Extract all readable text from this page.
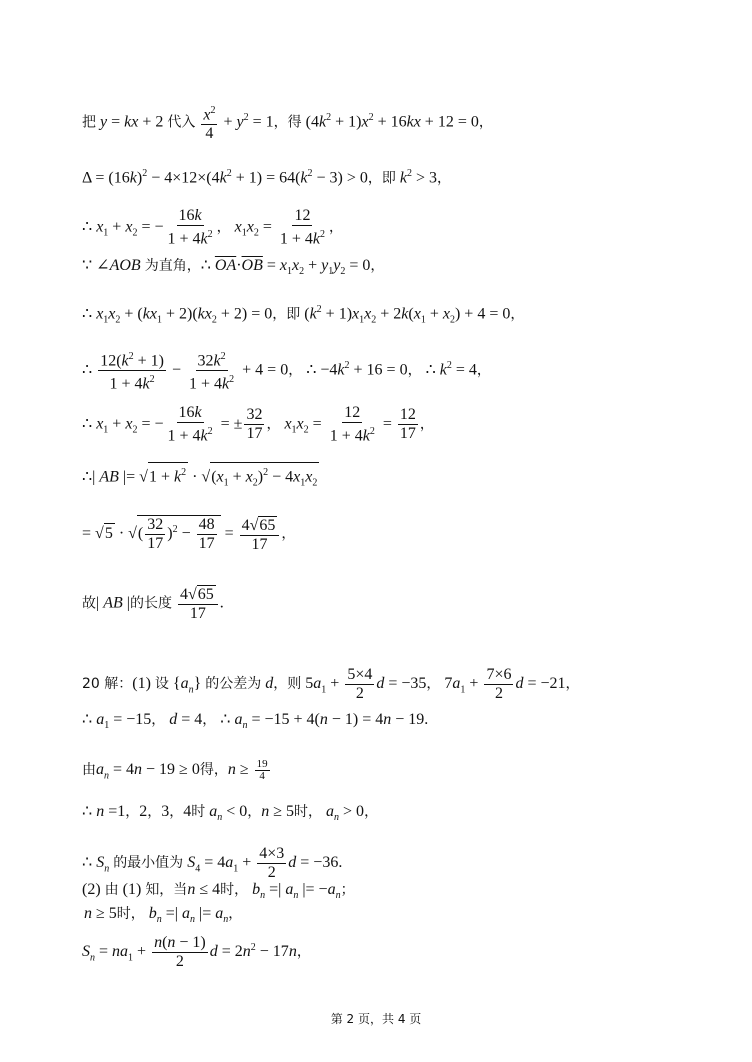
把 y = kx + 2 代入 $\frac{x^2}{4} + y^2 = 1$，得 $(4k^2 + 1)x^2 + 16kx + 12 = 0$，
$\Delta = (16k)^2 - 4\times 12\times(4k^2 + 1) = 64(k^2 - 3) > 0$，即 $k^2 > 3$，
∴ $x_1 + x_2$ = − $\frac{16k}{1 + 4k^2}$ ， $x_1x_2 = \frac{12}{1 + 4k^2}$ ，
∵ ∠AOB 为直角，∴ $\overline{OA}\cdot\overline{OB} = x_1x_2 + y_1y_2 = 0$，
∴ $x_1x_2 + (kx_1 + 2)(kx_2 + 2) = 0$，即 $(k^2 + 1)x_1x_2 + 2k(x_1 + x_2) + 4 = 0$，
∴ $\frac{12(k^2 + 1)}{1 + 4k^2} - \frac{32k^2}{1 + 4k^2} + 4 = 0$， ∴ $-4k^2 + 16 = 0$， ∴ $k^2 = 4$，
∴ $x_1 + x_2$ = − $\frac{16k}{1 + 4k^2}$ = ± $\frac{32}{17}$ ， $x_1x_2 = \frac{12}{1 + 4k^2} = \frac{12}{17}$ ，
∴| AB |= $√1 + k^2 \cdot √(x_1 + x_2)^2 - 4x_1x_2$
= √5 · √( $\frac{32}{17} )^2 - \frac{48}{17} = \frac{4√65}{17}$ ，
故| AB |的长度 $\frac{4√65}{17}$ .
20 解：(1) 设 $\{a_n\}$ 的公差为 d，则 $5a_1 + \frac{5\times 4}{2}$ d = −35， $7a_1 + \frac{7\times 6}{2}$ d = −21，
∴ $a_1 = -15$， d = 4， ∴ $a_n = -15 + 4(n - 1) = 4n - 19$.
由$a_n = 4n - 19 \ge 0$得，$n \ge \frac{19}{4}$
∴ n =1，2，3，4时 $a_n < 0$，n ≥ 5时， $a_n > 0$，
∴ $S_n$ 的最小值为 $S_4 = 4a_1 + \frac{4\times 3}{2}$ d = −36.
(2) 由 (1) 知，当n ≤ 4时， $b_n$ =| $a_n$ |= $-a_n$；
n ≥ 5时， $b_n$ =| $a_n$ |= $a_n$，
$S_n = na_1 + \frac{n(n - 1)}{2}$ $d = 2n^2 - 17n$，
第 2 页，共 4 页
